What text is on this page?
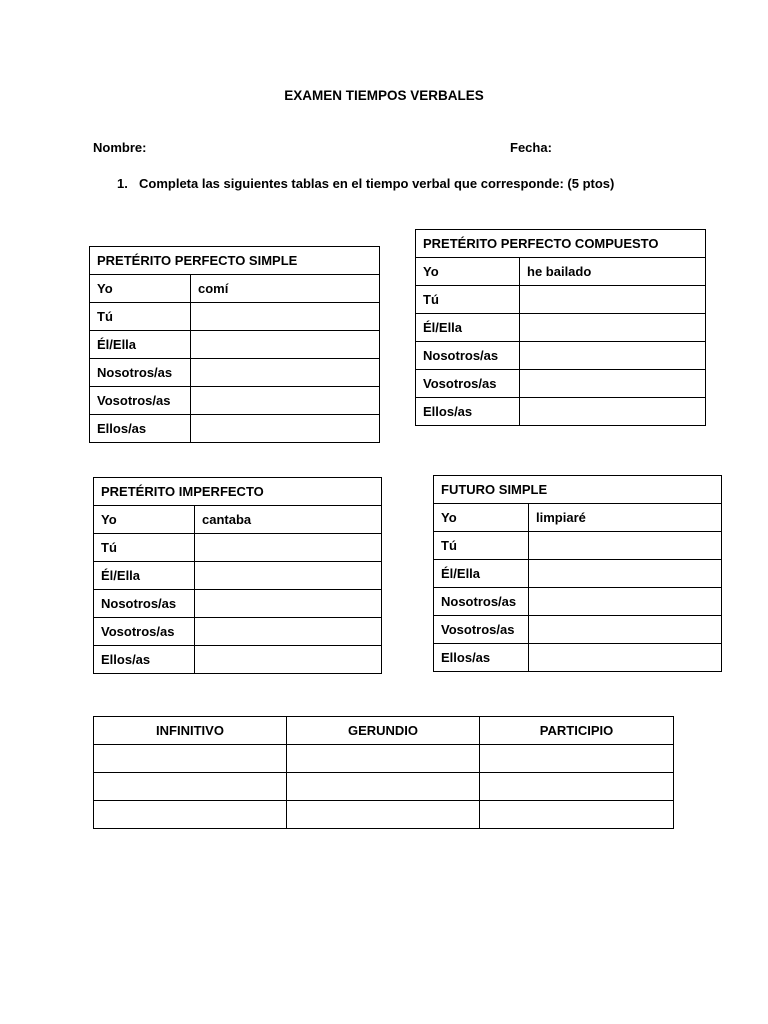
EXAMEN TIEMPOS VERBALES
Nombre:	Fecha:
1. Completa las siguientes tablas en el tiempo verbal que corresponde: (5 ptos)
PRETÉRITO PERFECTO SIMPLE	
Yo	comí
Tú	
Él/Ella	
Nosotros/as	
Vosotros/as	
Ellos/as	
PRETÉRITO PERFECTO COMPUESTO	
Yo	he bailado
Tú	
Él/Ella	
Nosotros/as	
Vosotros/as	
Ellos/as	
PRETÉRITO IMPERFECTO	
Yo	cantaba
Tú	
Él/Ella	
Nosotros/as	
Vosotros/as	
Ellos/as	
FUTURO SIMPLE	
Yo	limpiaré
Tú	
Él/Ella	
Nosotros/as	
Vosotros/as	
Ellos/as	
INFINITIVO	GERUNDIO	PARTICIPIO
